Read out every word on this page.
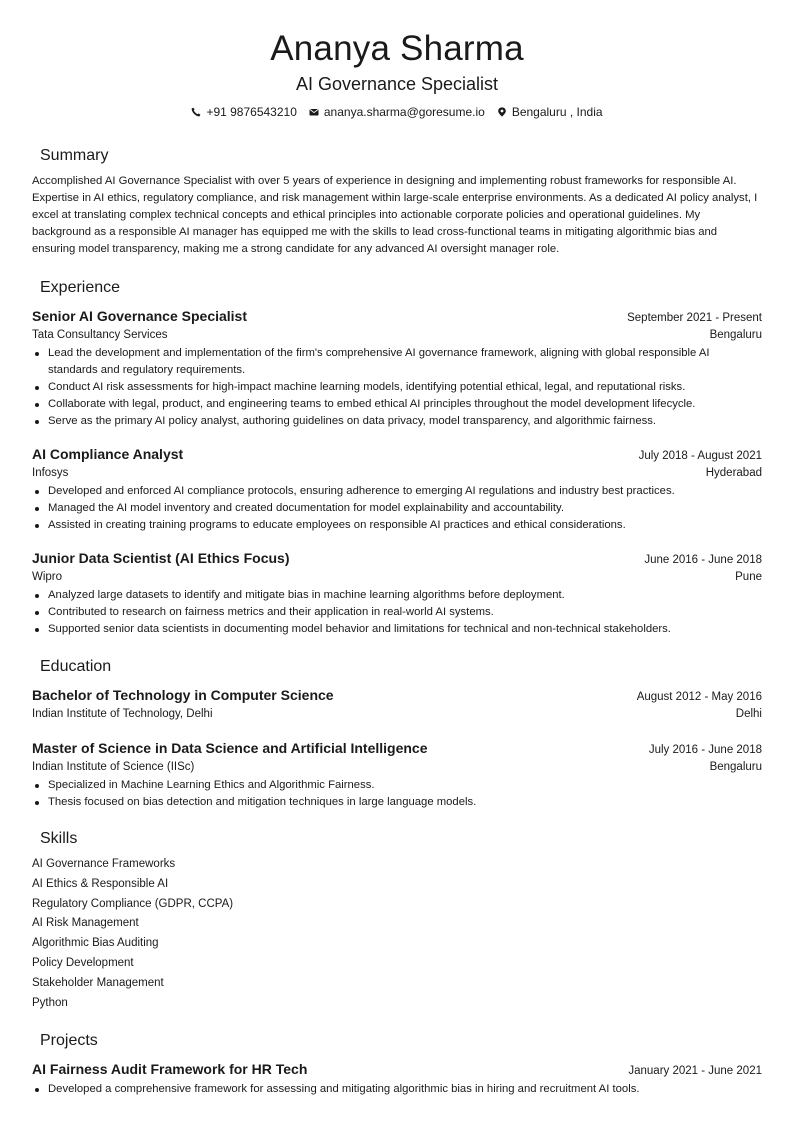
Ananya Sharma
AI Governance Specialist
+91 9876543210 ananya.sharma@goresume.io Bengaluru , India
Summary
Accomplished AI Governance Specialist with over 5 years of experience in designing and implementing robust frameworks for responsible AI. Expertise in AI ethics, regulatory compliance, and risk management within large-scale enterprise environments. As a dedicated AI policy analyst, I excel at translating complex technical concepts and ethical principles into actionable corporate policies and operational guidelines. My background as a responsible AI manager has equipped me with the skills to lead cross-functional teams in mitigating algorithmic bias and ensuring model transparency, making me a strong candidate for any advanced AI oversight manager role.
Experience
Senior AI Governance Specialist	September 2021 - Present
Tata Consultancy Services	Bengaluru
Lead the development and implementation of the firm's comprehensive AI governance framework, aligning with global responsible AI standards and regulatory requirements.
Conduct AI risk assessments for high-impact machine learning models, identifying potential ethical, legal, and reputational risks.
Collaborate with legal, product, and engineering teams to embed ethical AI principles throughout the model development lifecycle.
Serve as the primary AI policy analyst, authoring guidelines on data privacy, model transparency, and algorithmic fairness.
AI Compliance Analyst	July 2018 - August 2021
Infosys	Hyderabad
Developed and enforced AI compliance protocols, ensuring adherence to emerging AI regulations and industry best practices.
Managed the AI model inventory and created documentation for model explainability and accountability.
Assisted in creating training programs to educate employees on responsible AI practices and ethical considerations.
Junior Data Scientist (AI Ethics Focus)	June 2016 - June 2018
Wipro	Pune
Analyzed large datasets to identify and mitigate bias in machine learning algorithms before deployment.
Contributed to research on fairness metrics and their application in real-world AI systems.
Supported senior data scientists in documenting model behavior and limitations for technical and non-technical stakeholders.
Education
Bachelor of Technology in Computer Science	August 2012 - May 2016
Indian Institute of Technology, Delhi	Delhi
Master of Science in Data Science and Artificial Intelligence	July 2016 - June 2018
Indian Institute of Science (IISc)	Bengaluru
Specialized in Machine Learning Ethics and Algorithmic Fairness.
Thesis focused on bias detection and mitigation techniques in large language models.
Skills
AI Governance Frameworks
AI Ethics & Responsible AI
Regulatory Compliance (GDPR, CCPA)
AI Risk Management
Algorithmic Bias Auditing
Policy Development
Stakeholder Management
Python
Projects
AI Fairness Audit Framework for HR Tech	January 2021 - June 2021
Developed a comprehensive framework for assessing and mitigating algorithmic bias in hiring and recruitment AI tools.
